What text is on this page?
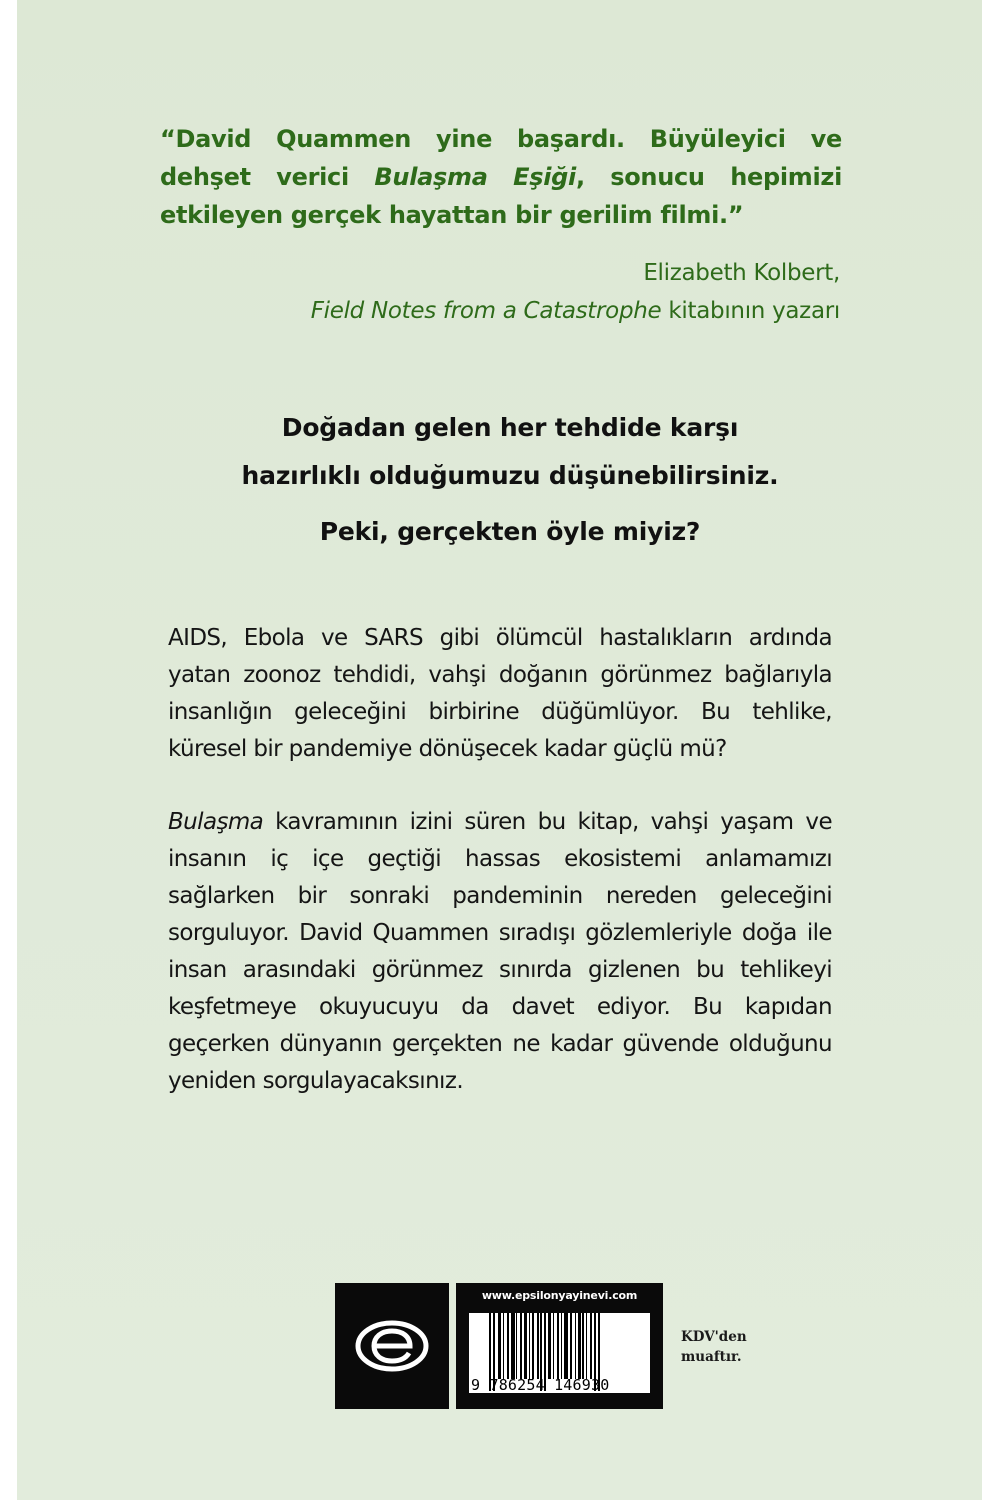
“David Quammen yine başardı. Büyüleyici ve dehşet verici Bulaşma Eşiği, sonucu hepimizi etkileyen gerçek hayattan bir gerilim filmi.”
Elizabeth Kolbert,
Field Notes from a Catastrophe kitabının yazarı
Doğadan gelen her tehdide karşı
hazırlıklı olduğumuzu düşünebilirsiniz.
Peki, gerçekten öyle miyiz?
AIDS, Ebola ve SARS gibi ölümcül hastalıkların ardında yatan zoonoz tehdidi, vahşi doğanın görünmez bağlarıyla insanlığın geleceğini birbirine düğümlüyor. Bu tehlike, küresel bir pandemiye dönüşecek kadar güçlü mü?
Bulaşma kavramının izini süren bu kitap, vahşi yaşam ve insanın iç içe geçtiği hassas ekosistemi anlamamızı sağlarken bir sonraki pandeminin nereden geleceğini sorguluyor. David Quammen sıradışı gözlemleriyle doğa ile insan arasındaki görünmez sınırda gizlenen bu tehlikeyi keşfetmeye okuyucuyu da davet ediyor. Bu kapıdan geçerken dünyanın gerçekten ne kadar güvende olduğunu yeniden sorgulayacaksınız.
www.epsilonyayinevi.com
9 786254 146930
KDV'den
muaftır.
